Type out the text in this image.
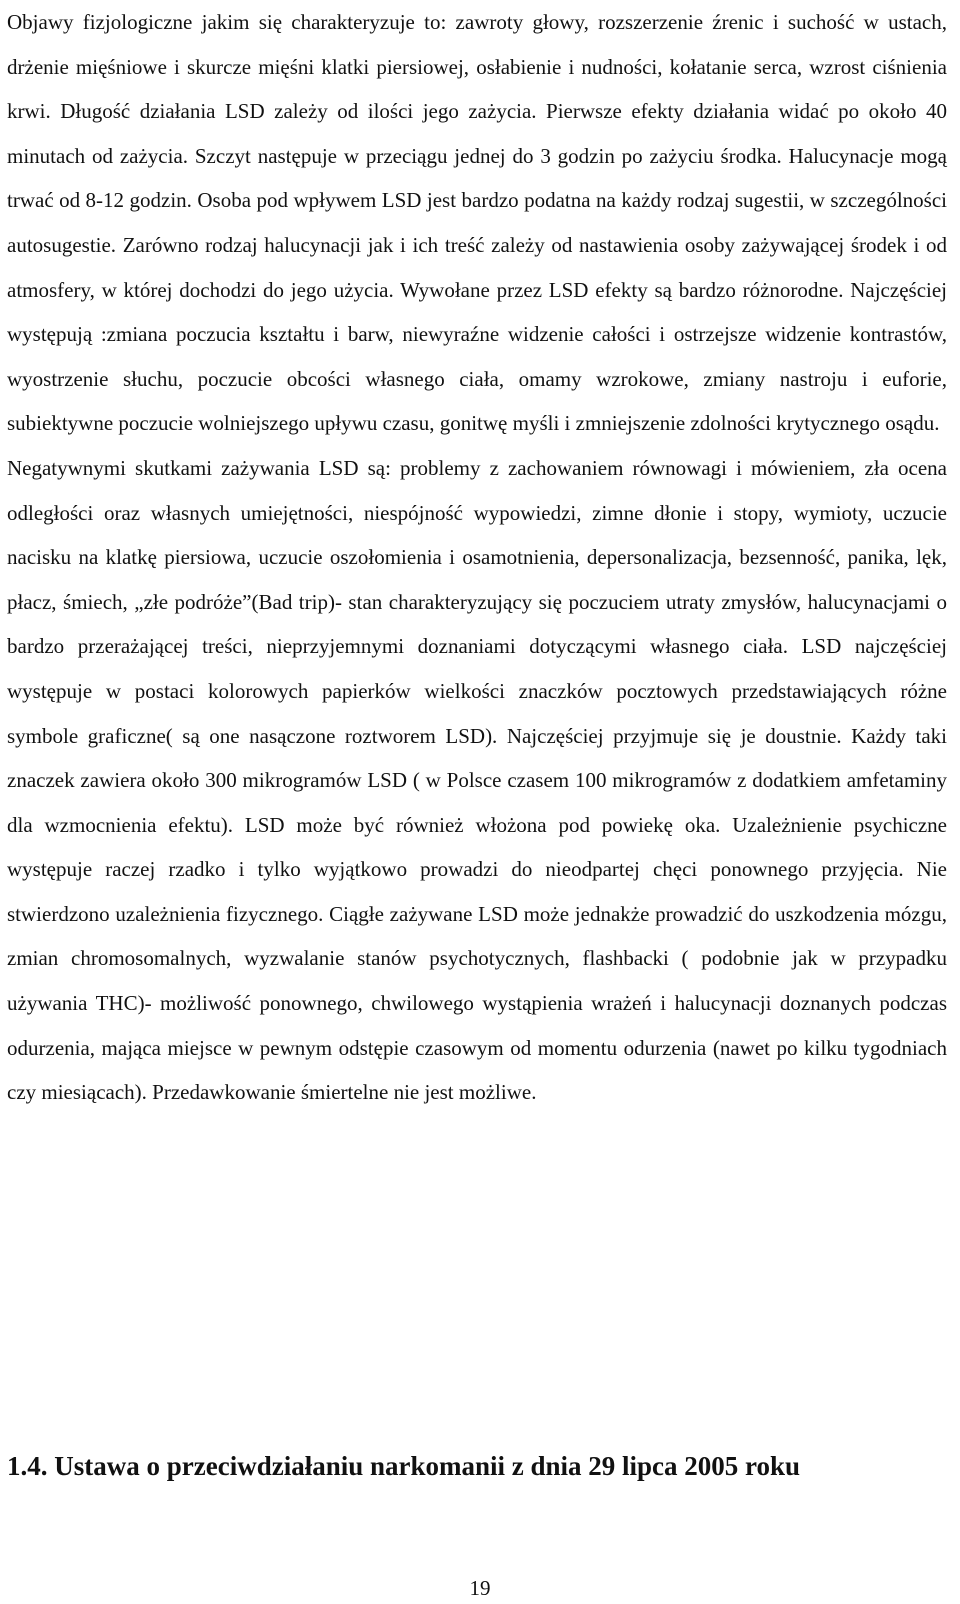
Objawy fizjologiczne jakim się charakteryzuje to: zawroty głowy, rozszerzenie źrenic i suchość w ustach, drżenie mięśniowe i skurcze mięśni klatki piersiowej, osłabienie i nudności, kołatanie serca, wzrost ciśnienia krwi. Długość działania LSD zależy od ilości jego zażycia. Pierwsze efekty działania widać po około 40 minutach od zażycia. Szczyt następuje w przeciągu jednej do 3 godzin po zażyciu środka. Halucynacje mogą trwać od 8-12 godzin. Osoba pod wpływem LSD jest bardzo podatna na każdy rodzaj sugestii, w szczególności autosugestie. Zarówno rodzaj halucynacji jak i ich treść zależy od nastawienia osoby zażywającej środek i od atmosfery, w której dochodzi do jego użycia. Wywołane przez LSD efekty są bardzo różnorodne. Najczęściej występują :zmiana poczucia kształtu i barw, niewyraźne widzenie całości i ostrzejsze widzenie kontrastów, wyostrzenie słuchu, poczucie obcości własnego ciała, omamy wzrokowe, zmiany nastroju i euforie, subiektywne poczucie wolniejszego upływu czasu, gonitwę myśli i zmniejszenie zdolności krytycznego osądu.

Negatywnymi skutkami zażywania LSD są: problemy z zachowaniem równowagi i mówieniem, zła ocena odległości oraz własnych umiejętności, niespójność wypowiedzi, zimne dłonie i stopy, wymioty, uczucie nacisku na klatkę piersiowa, uczucie oszołomienia i osamotnienia, depersonalizacja, bezsenność, panika, lęk, płacz, śmiech, „złe podróże”(Bad trip)- stan charakteryzujący się poczuciem utraty zmysłów, halucynacjami o bardzo przerażającej treści, nieprzyjemnymi doznaniami dotyczącymi własnego ciała. LSD najczęściej występuje w postaci kolorowych papierków wielkości znaczków pocztowych przedstawiających różne symbole graficzne( są one nasączone roztworem LSD). Najczęściej przyjmuje się je doustnie. Każdy taki znaczek zawiera około 300 mikrogramów LSD ( w Polsce czasem 100 mikrogramów z dodatkiem amfetaminy dla wzmocnienia efektu). LSD może być również włożona pod powiekę oka. Uzależnienie psychiczne występuje raczej rzadko i tylko wyjątkowo prowadzi do nieodpartej chęci ponownego przyjęcia. Nie stwierdzono uzależnienia fizycznego. Ciągłe zażywane LSD może jednakże prowadzić do uszkodzenia mózgu, zmian chromosomalnych, wyzwalanie stanów psychotycznych, flashbacki ( podobnie jak w przypadku używania THC)- możliwość ponownego, chwilowego wystąpienia wrażeń i halucynacji doznanych podczas odurzenia, mająca miejsce w pewnym odstępie czasowym od momentu odurzenia (nawet po kilku tygodniach czy miesiącach). Przedawkowanie śmiertelne nie jest możliwe.

1.4. Ustawa o przeciwdziałaniu narkomanii z dnia 29 lipca 2005 roku
19
